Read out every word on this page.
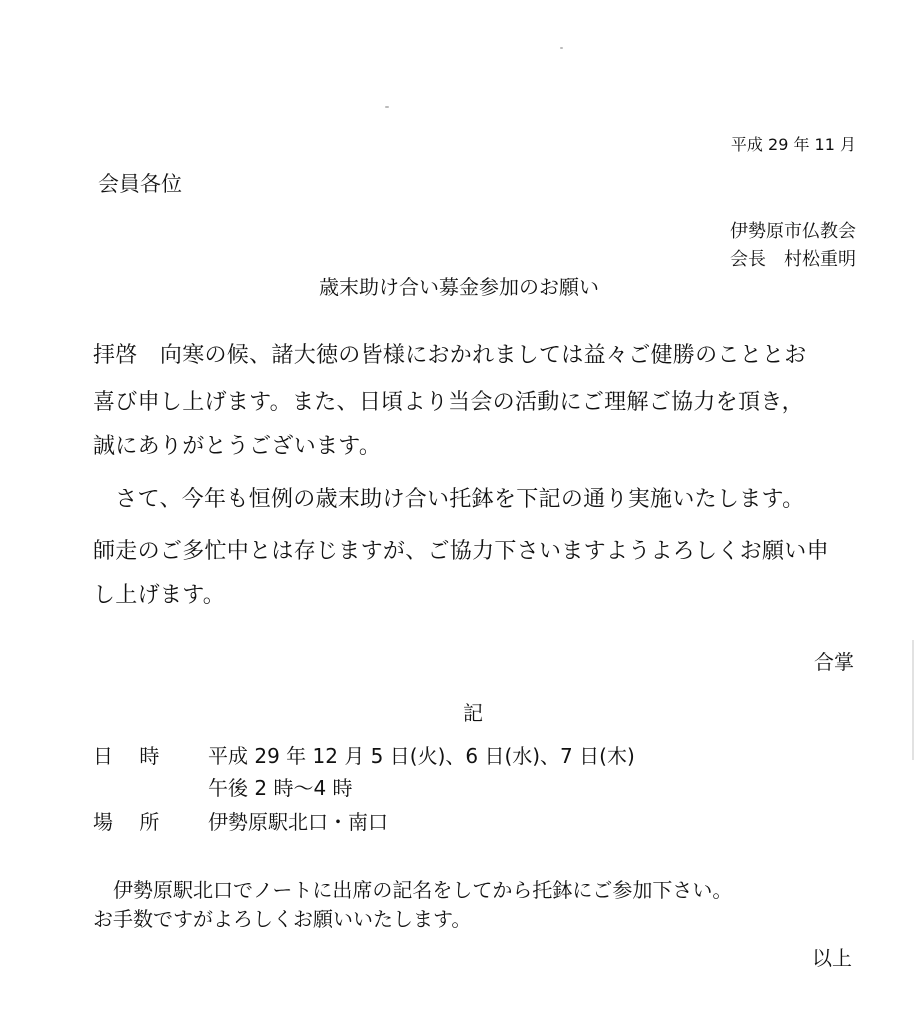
平成 29 年 11 月
会員各位
伊勢原市仏教会
会長　村松重明
歳末助け合い募金参加のお願い
拝啓　向寒の候、諸大徳の皆様におかれましては益々ご健勝のこととお
喜び申し上げます。また、日頃より当会の活動にご理解ご協力を頂き，
誠にありがとうございます。
　さて、今年も恒例の歳末助け合い托鉢を下記の通り実施いたします。
師走のご多忙中とは存じますが、ご協力下さいますようよろしくお願い申
し上げます。
合掌
記
日 時 平成 29 年 12 月 5 日(火)、6 日(水)、7 日(木)
午後 2 時～4 時
場 所 伊勢原駅北口・南口
　伊勢原駅北口でノートに出席の記名をしてから托鉢にご参加下さい。
お手数ですがよろしくお願いいたします。
以上
